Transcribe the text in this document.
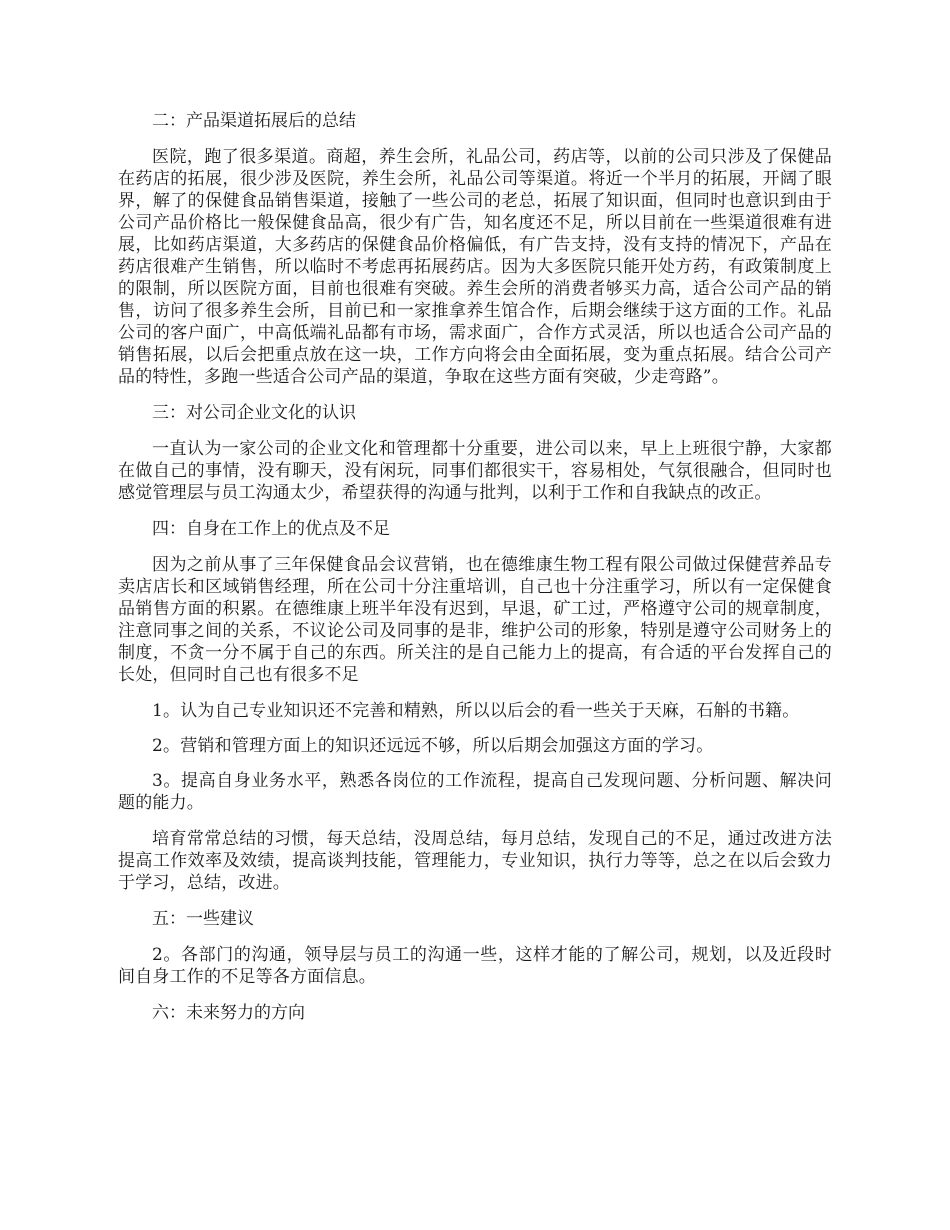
二：产品渠道拓展后的总结

医院，跑了很多渠道。商超，养生会所，礼品公司，药店等，以前的公司只涉及了保健品在药店的拓展，很少涉及医院，养生会所，礼品公司等渠道。将近一个半月的拓展，开阔了眼界，解了的保健食品销售渠道，接触了一些公司的老总，拓展了知识面，但同时也意识到由于公司产品价格比一般保健食品高，很少有广告，知名度还不足，所以目前在一些渠道很难有进展，比如药店渠道，大多药店的保健食品价格偏低，有广告支持，没有支持的情况下，产品在药店很难产生销售，所以临时不考虑再拓展药店。因为大多医院只能开处方药，有政策制度上的限制，所以医院方面，目前也很难有突破。养生会所的消费者够买力高，适合公司产品的销售，访问了很多养生会所，目前已和一家推拿养生馆合作，后期会继续于这方面的工作。礼品公司的客户面广，中高低端礼品都有市场，需求面广，合作方式灵活，所以也适合公司产品的销售拓展，以后会把重点放在这一块，工作方向将会由全面拓展，变为重点拓展。结合公司产品的特性，多跑一些适合公司产品的渠道，争取在这些方面有突破，少走弯路”。

三：对公司企业文化的认识

一直认为一家公司的企业文化和管理都十分重要，进公司以来，早上上班很宁静，大家都在做自己的事情，没有聊天，没有闲玩，同事们都很实干，容易相处，气氛很融合，但同时也感觉管理层与员工沟通太少，希望获得的沟通与批判，以利于工作和自我缺点的改正。

四：自身在工作上的优点及不足

因为之前从事了三年保健食品会议营销，也在德维康生物工程有限公司做过保健营养品专卖店店长和区域销售经理，所在公司十分注重培训，自己也十分注重学习，所以有一定保健食品销售方面的积累。在德维康上班半年没有迟到，早退，矿工过，严格遵守公司的规章制度，注意同事之间的关系，不议论公司及同事的是非，维护公司的形象，特别是遵守公司财务上的制度，不贪一分不属于自己的东西。所关注的是自己能力上的提高，有合适的平台发挥自己的长处，但同时自己也有很多不足

1。认为自己专业知识还不完善和精熟，所以以后会的看一些关于天麻，石斛的书籍。

2。营销和管理方面上的知识还远远不够，所以后期会加强这方面的学习。

3。提高自身业务水平，熟悉各岗位的工作流程，提高自己发现问题、分析问题、解决问题的能力。

培育常常总结的习惯，每天总结，没周总结，每月总结，发现自己的不足，通过改进方法提高工作效率及效绩，提高谈判技能，管理能力，专业知识，执行力等等，总之在以后会致力于学习，总结，改进。

五：一些建议

2。各部门的沟通，领导层与员工的沟通一些，这样才能的了解公司，规划，以及近段时间自身工作的不足等各方面信息。

六：未来努力的方向
